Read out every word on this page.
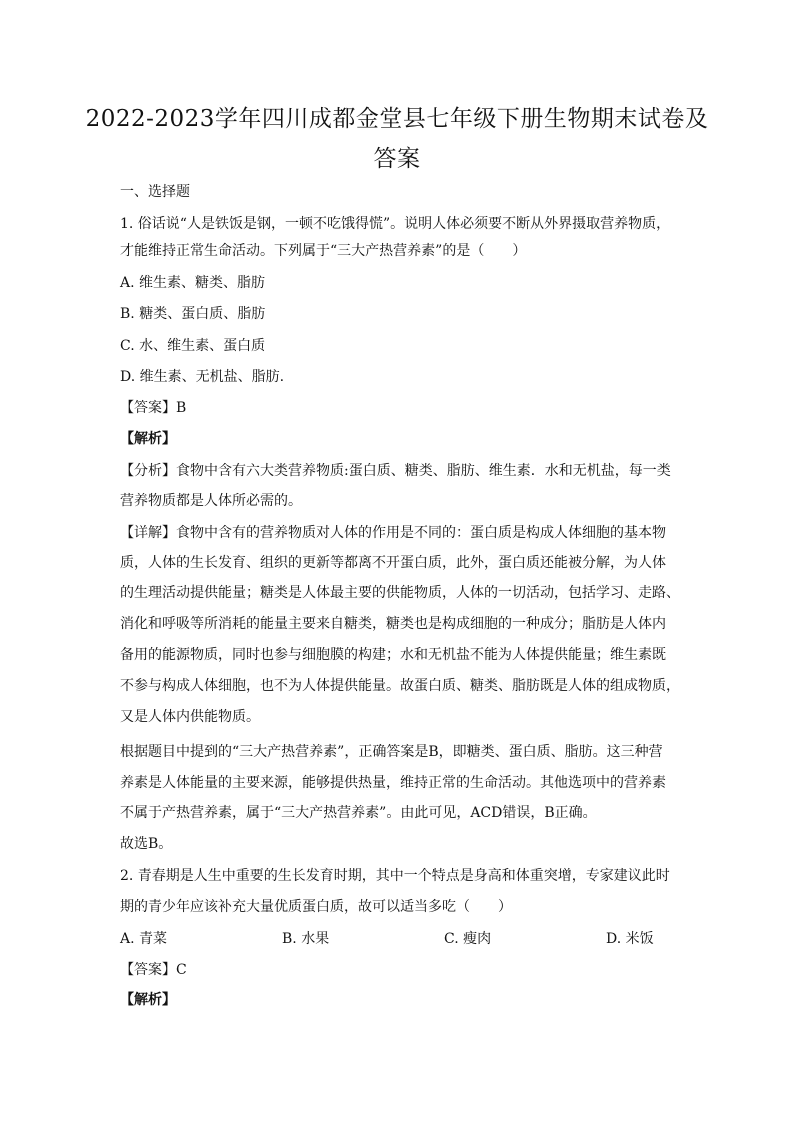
2022-2023学年四川成都金堂县七年级下册生物期末试卷及
答案
一、选择题
1. 俗话说“人是铁饭是钢，一顿不吃饿得慌”。说明人体必须要不断从外界摄取营养物质，
才能维持正常生命活动。下列属于“三大产热营养素”的是（　　）
A. 维生素、糖类、脂肪
B. 糖类、蛋白质、脂肪
C. 水、维生素、蛋白质
D. 维生素、无机盐、脂肪.
【答案】B
【解析】
【分析】食物中含有六大类营养物质:蛋白质、糖类、脂肪、维生素．水和无机盐，每一类
营养物质都是人体所必需的。
【详解】食物中含有的营养物质对人体的作用是不同的：蛋白质是构成人体细胞的基本物
质，人体的生长发育、组织的更新等都离不开蛋白质，此外，蛋白质还能被分解，为人体
的生理活动提供能量；糖类是人体最主要的供能物质，人体的一切活动，包括学习、走路、
消化和呼吸等所消耗的能量主要来自糖类，糖类也是构成细胞的一种成分；脂肪是人体内
备用的能源物质，同时也参与细胞膜的构建；水和无机盐不能为人体提供能量；维生素既
不参与构成人体细胞，也不为人体提供能量。故蛋白质、糖类、脂肪既是人体的组成物质，
又是人体内供能物质。
根据题目中提到的“三大产热营养素”，正确答案是B，即糖类、蛋白质、脂肪。这三种营
养素是人体能量的主要来源，能够提供热量，维持正常的生命活动。其他选项中的营养素
不属于产热营养素，属于“三大产热营养素”。由此可见，ACD错误，B正确。
故选B。
2. 青春期是人生中重要的生长发育时期，其中一个特点是身高和体重突增，专家建议此时
期的青少年应该补充大量优质蛋白质，故可以适当多吃（　　）
A. 青菜	B. 水果	C. 瘦肉	D. 米饭
【答案】C
【解析】
